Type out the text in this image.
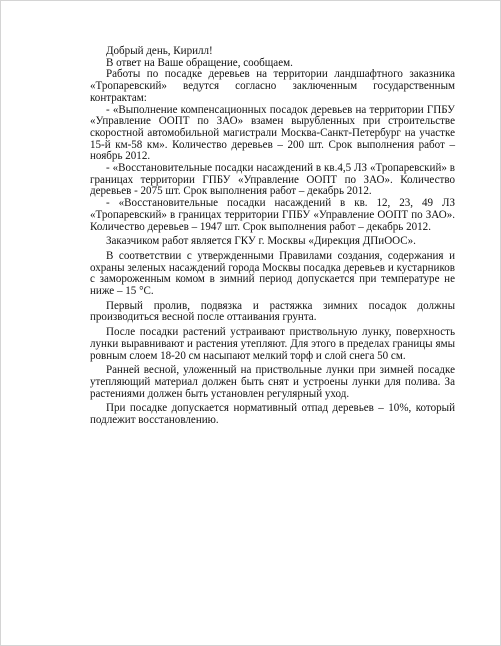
Добрый день, Кирилл!

В ответ на Ваше обращение, сообщаем.

Работы по посадке деревьев на территории ландшафтного заказника «Тропаревский» ведутся согласно заключенным государственным контрактам:

- «Выполнение компенсационных посадок деревьев на территории ГПБУ «Управление ООПТ по ЗАО» взамен вырубленных при строительстве скоростной автомобильной магистрали Москва-Санкт-Петербург на участке 15-й км-58 км». Количество деревьев – 200 шт. Срок выполнения работ – ноябрь 2012.

- «Восстановительные посадки насаждений в кв.4,5 ЛЗ «Тропаревский» в границах территории ГПБУ «Управление ООПТ по ЗАО». Количество деревьев - 2075 шт. Срок выполнения работ – декабрь 2012.

- «Восстановительные посадки насаждений в кв. 12, 23, 49 ЛЗ «Тропаревский» в границах территории ГПБУ «Управление ООПТ по ЗАО». Количество деревьев – 1947 шт. Срок выполнения работ – декабрь 2012.

Заказчиком работ является ГКУ г. Москвы «Дирекция ДПиООС».

В соответствии с утвержденными Правилами создания, содержания и охраны зеленых насаждений города Москвы посадка деревьев и кустарников с замороженным комом в зимний период допускается при температуре не ниже – 15 °С.

Первый пролив, подвязка и растяжка зимних посадок должны производиться весной после оттаивания грунта.

После посадки растений устраивают приствольную лунку, поверхность лунки выравнивают и растения утепляют. Для этого в пределах границы ямы ровным слоем 18-20 см насыпают мелкий торф и слой снега 50 см.

Ранней весной, уложенный на приствольные лунки при зимней посадке утепляющий материал должен быть снят и устроены лунки для полива. За растениями должен быть установлен регулярный уход.

При посадке допускается нормативный отпад деревьев – 10%, который подлежит восстановлению.
